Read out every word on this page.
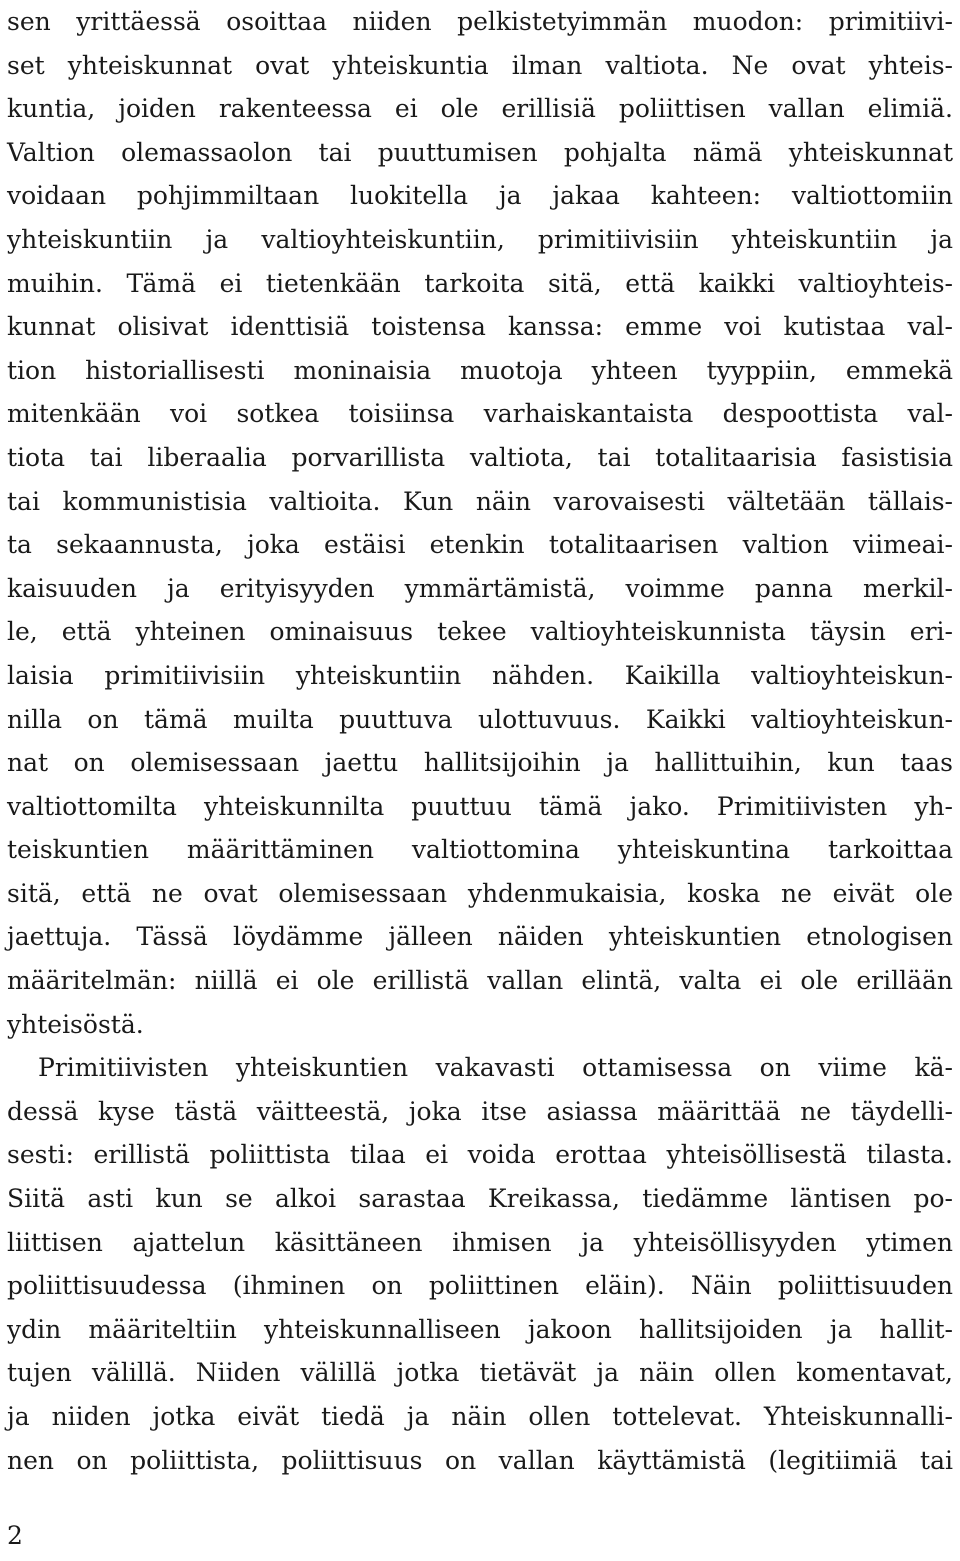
sen yrittäessä osoittaa niiden pelkistetyimmän muodon: primitiivi-
set yhteiskunnat ovat yhteiskuntia ilman valtiota. Ne ovat yhteis-
kuntia, joiden rakenteessa ei ole erillisiä poliittisen vallan elimiä.
Valtion olemassaolon tai puuttumisen pohjalta nämä yhteiskunnat
voidaan pohjimmiltaan luokitella ja jakaa kahteen: valtiottomiin
yhteiskuntiin ja valtioyhteiskuntiin, primitiivisiin yhteiskuntiin ja
muihin. Tämä ei tietenkään tarkoita sitä, että kaikki valtioyhteis-
kunnat olisivat identtisiä toistensa kanssa: emme voi kutistaa val-
tion historiallisesti moninaisia muotoja yhteen tyyppiin, emmekä
mitenkään voi sotkea toisiinsa varhaiskantaista despoottista val-
tiota tai liberaalia porvarillista valtiota, tai totalitaarisia fasistisia
tai kommunistisia valtioita. Kun näin varovaisesti vältetään tällais-
ta sekaannusta, joka estäisi etenkin totalitaarisen valtion viimeai-
kaisuuden ja erityisyyden ymmärtämistä, voimme panna merkil-
le, että yhteinen ominaisuus tekee valtioyhteiskunnista täysin eri-
laisia primitiivisiin yhteiskuntiin nähden. Kaikilla valtioyhteiskun-
nilla on tämä muilta puuttuva ulottuvuus. Kaikki valtioyhteiskun-
nat on olemisessaan jaettu hallitsijoihin ja hallittuihin, kun taas
valtiottomilta yhteiskunnilta puuttuu tämä jako. Primitiivisten yh-
teiskuntien määrittäminen valtiottomina yhteiskuntina tarkoittaa
sitä, että ne ovat olemisessaan yhdenmukaisia, koska ne eivät ole
jaettuja. Tässä löydämme jälleen näiden yhteiskuntien etnologisen
määritelmän: niillä ei ole erillistä vallan elintä, valta ei ole erillään
yhteisöstä.
Primitiivisten yhteiskuntien vakavasti ottamisessa on viime kä-
dessä kyse tästä väitteestä, joka itse asiassa määrittää ne täydelli-
sesti: erillistä poliittista tilaa ei voida erottaa yhteisöllisestä tilasta.
Siitä asti kun se alkoi sarastaa Kreikassa, tiedämme läntisen po-
liittisen ajattelun käsittäneen ihmisen ja yhteisöllisyyden ytimen
poliittisuudessa (ihminen on poliittinen eläin). Näin poliittisuuden
ydin määriteltiin yhteiskunnalliseen jakoon hallitsijoiden ja hallit-
tujen välillä. Niiden välillä jotka tietävät ja näin ollen komentavat,
ja niiden jotka eivät tiedä ja näin ollen tottelevat. Yhteiskunnalli-
nen on poliittista, poliittisuus on vallan käyttämistä (legitiimiä tai
2
